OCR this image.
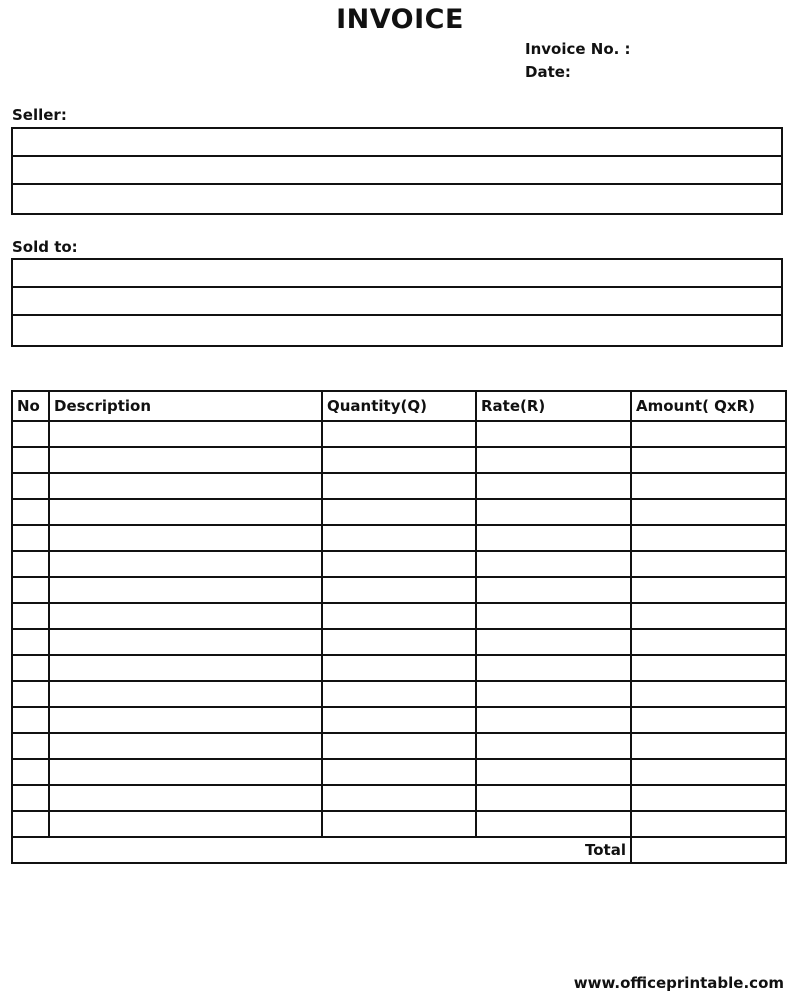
INVOICE
Invoice No. :
Date:
Seller:
Sold to:
No	Description	Quantity(Q)	Rate(R)	Amount( QxR)

Total				
www.officeprintable.com
